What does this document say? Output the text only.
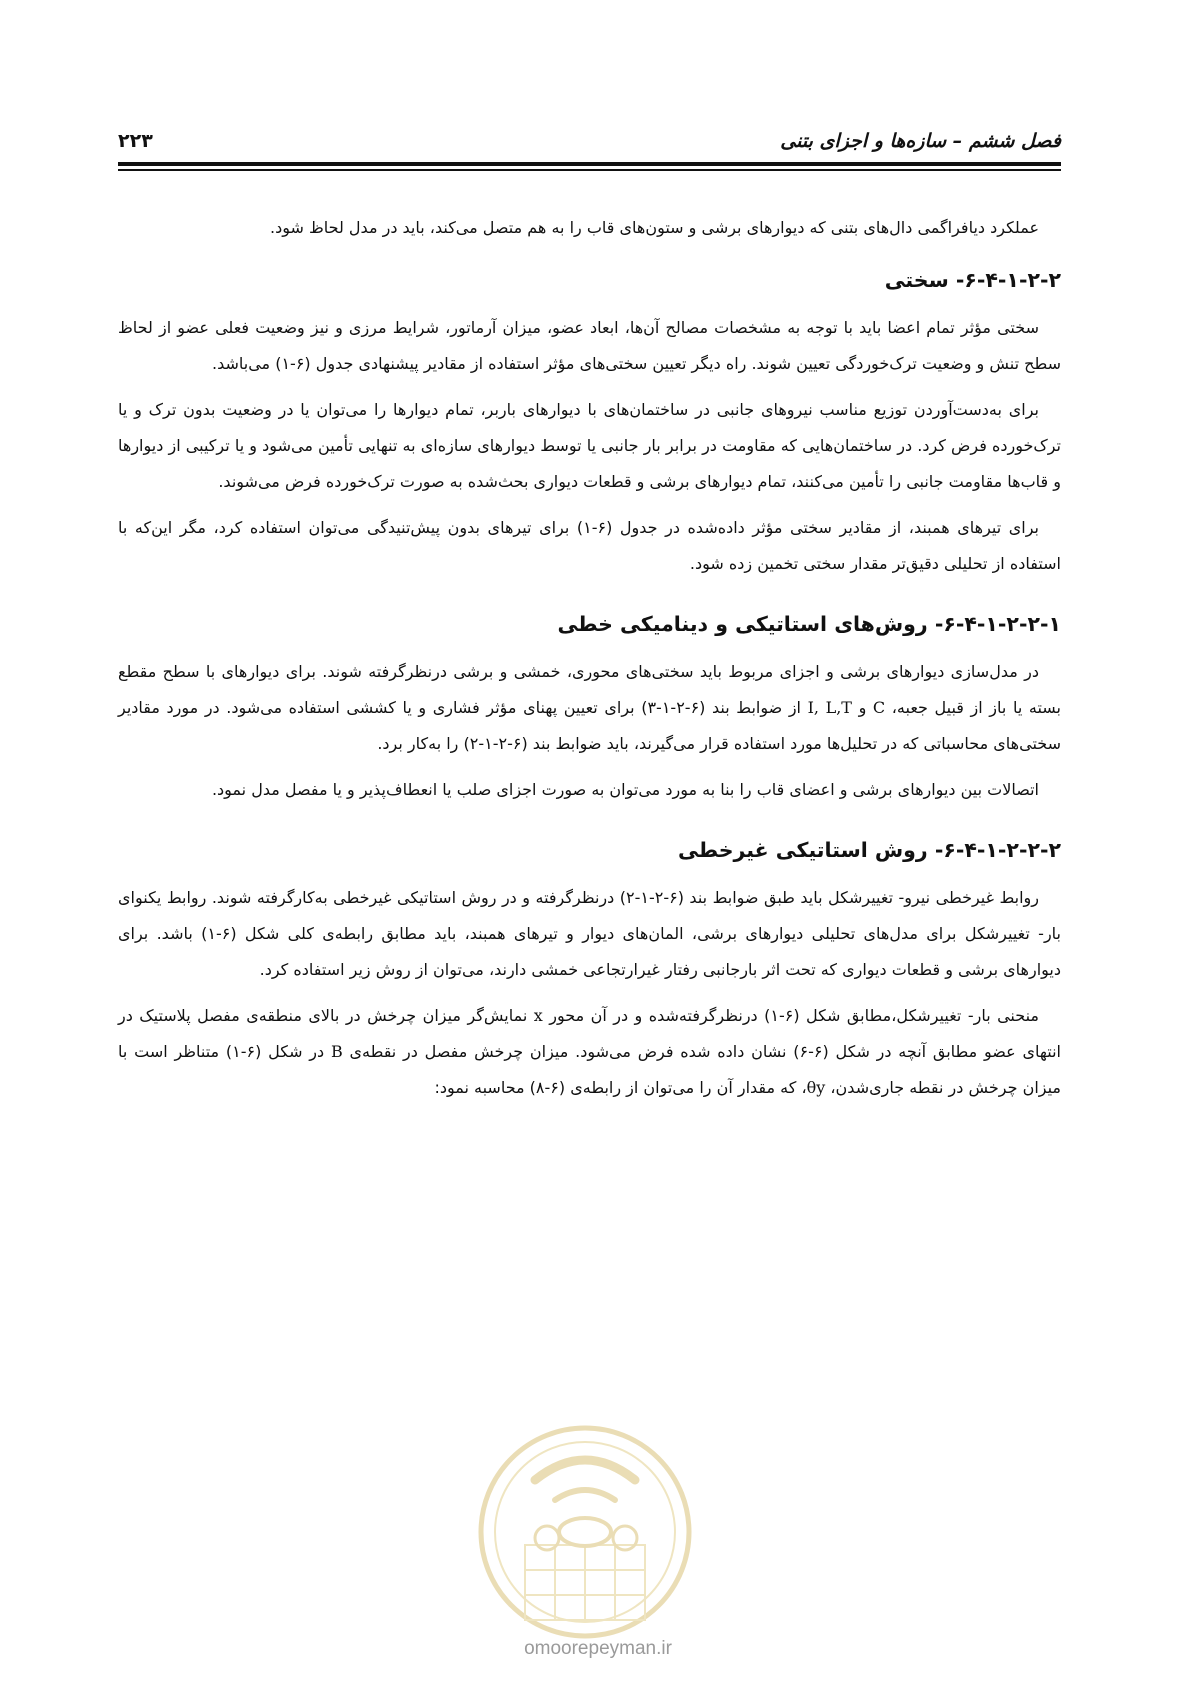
فصل ششم – سازه‌ها و اجزای بتنی
۲۲۳

عملکرد دیافراگمی دال‌های بتنی که دیوارهای برشی و ستون‌های قاب را به هم متصل می‌کند، باید در مدل لحاظ شود.

۶-۴-۱-۲-۲- سختی

سختی مؤثر تمام اعضا باید با توجه به مشخصات مصالح آن‌ها، ابعاد عضو، میزان آرماتور، شرایط مرزی و نیز وضعیت فعلی عضو از لحاظ سطح تنش و وضعیت ترک‌خوردگی تعیین شوند. راه دیگر تعیین سختی‌های مؤثر استفاده از مقادیر پیشنهادی جدول (۶-۱) می‌باشد.

برای به‌دست‌آوردن توزیع مناسب نیروهای جانبی در ساختمان‌های با دیوارهای باربر، تمام دیوارها را می‌توان یا در وضعیت بدون ترک و یا ترک‌خورده فرض کرد. در ساختمان‌هایی که مقاومت در برابر بار جانبی یا توسط دیوارهای سازه‌ای به تنهایی تأمین می‌شود و یا ترکیبی از دیوارها و قاب‌ها مقاومت جانبی را تأمین می‌کنند، تمام دیوارهای برشی و قطعات دیواری بحث‌شده به صورت ترک‌خورده فرض می‌شوند.

برای تیرهای همبند، از مقادیر سختی مؤثر داده‌شده در جدول (۶-۱) برای تیرهای بدون پیش‌تنیدگی می‌توان استفاده کرد، مگر این‌که با استفاده از تحلیلی دقیق‌تر مقدار سختی تخمین زده شود.

۶-۴-۱-۲-۲-۱- روش‌های استاتیکی و دینامیکی خطی

در مدل‌سازی دیوارهای برشی و اجزای مربوط باید سختی‌های محوری، خمشی و برشی درنظرگرفته شوند. برای دیوارهای با سطح مقطع بسته یا باز از قبیل جعبه، I, L,T و C از ضوابط بند (۶-۲-۱-۳) برای تعیین پهنای مؤثر فشاری و یا کششی استفاده می‌شود. در مورد مقادیر سختی‌های محاسباتی که در تحلیل‌ها مورد استفاده قرار می‌گیرند، باید ضوابط بند (۶-۲-۱-۲) را به‌کار برد.

اتصالات بین دیوارهای برشی و اعضای قاب را بنا به مورد می‌توان به صورت اجزای صلب یا انعطاف‌پذیر و یا مفصل مدل نمود.

۶-۴-۱-۲-۲-۲- روش استاتیکی غیرخطی

روابط غیرخطی نیرو- تغییرشکل باید طبق ضوابط بند (۶-۲-۱-۲) درنظرگرفته و در روش استاتیکی غیرخطی به‌کارگرفته شوند. روابط یکنوای بار- تغییرشکل برای مدل‌های تحلیلی دیوارهای برشی، المان‌های دیوار و تیرهای همبند، باید مطابق رابطه‌ی کلی شکل (۶-۱) باشد. برای دیوارهای برشی و قطعات دیواری که تحت اثر بارجانبی رفتار غیرارتجاعی خمشی دارند، می‌توان از روش زیر استفاده کرد.

منحنی بار- تغییرشکل،مطابق شکل (۶-۱) درنظرگرفته‌شده و در آن محور x نمایش‌گر میزان چرخش در بالای منطقه‌ی مفصل پلاستیک در انتهای عضو مطابق آنچه در شکل (۶-۶) نشان داده شده فرض می‌شود. میزان چرخش مفصل در نقطه‌ی B در شکل (۶-۱) متناظر است با میزان چرخش در نقطه جاری‌شدن، θy، که مقدار آن را می‌توان از رابطه‌ی (۶-۸) محاسبه نمود:

omoorepeyman.ir
